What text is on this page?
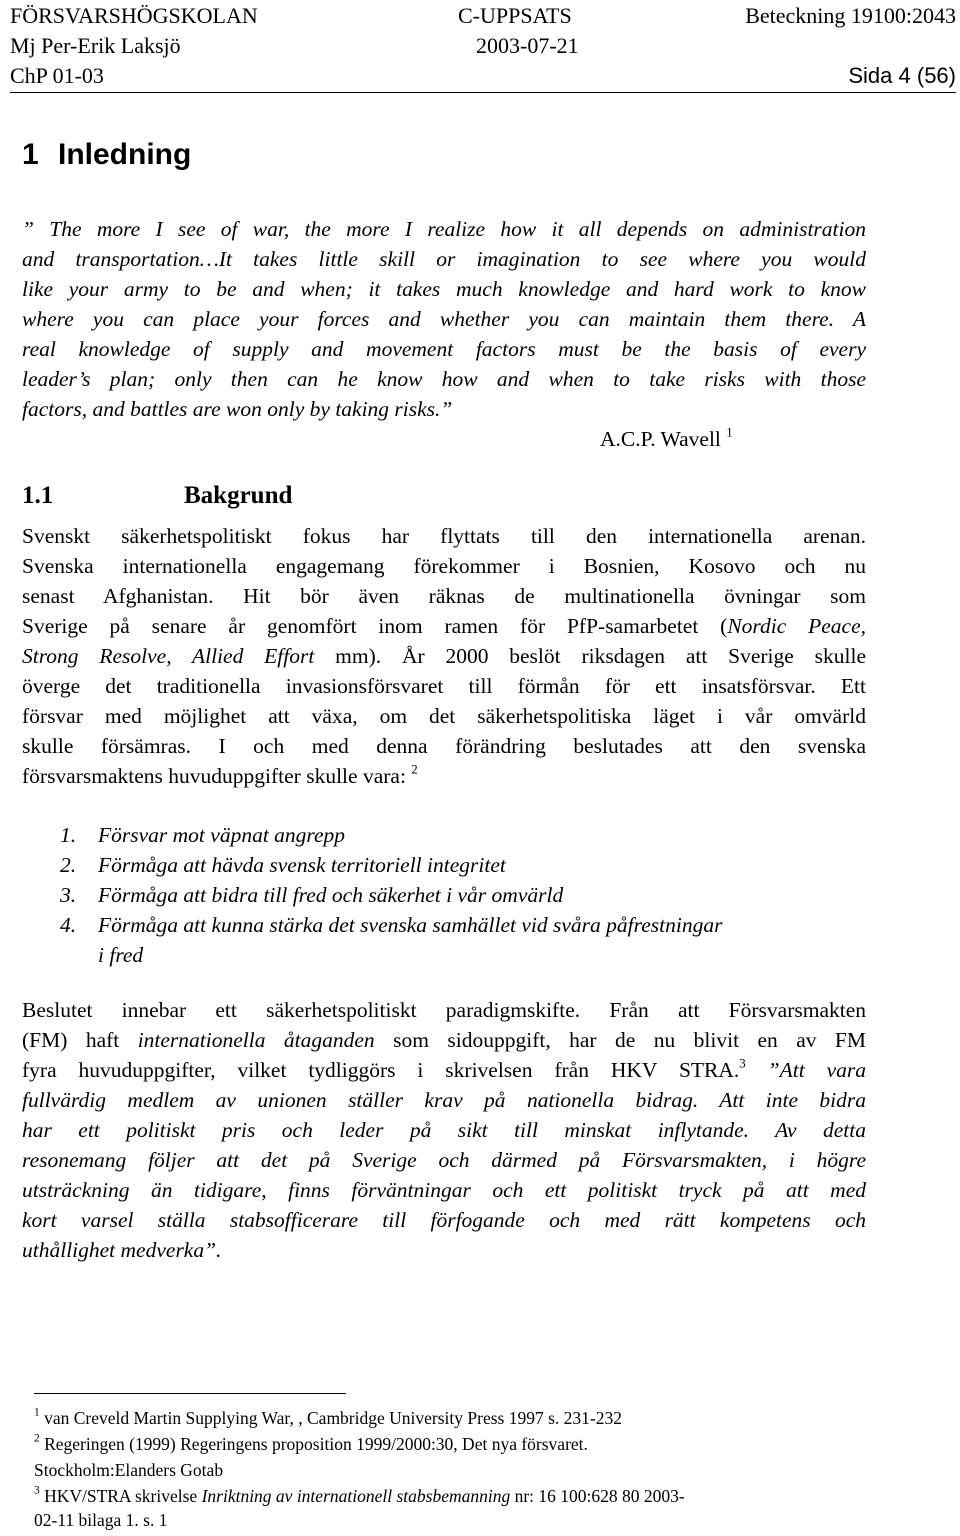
FÖRSVARSHÖGSKOLAN	C-UPPSATS	Beteckning 19100:2043
Mj Per-Erik Laksjö	2003-07-21
ChP 01-03	Sida 4 (56)
1 Inledning
” The more I see of war, the more I realize how it all depends on administration
and transportation…It takes little skill or imagination to see where you would
like your army to be and when; it takes much knowledge and hard work to know
where you can place your forces and whether you can maintain them there. A
real knowledge of supply and movement factors must be the basis of every
leader’s plan; only then can he know how and when to take risks with those
factors, and battles are won only by taking risks.”
A.C.P. Wavell $^1$
1.1	Bakgrund
Svenskt säkerhetspolitiskt fokus har flyttats till den internationella arenan.
Svenska internationella engagemang förekommer i Bosnien, Kosovo och nu
senast Afghanistan. Hit bör även räknas de multinationella övningar som
Sverige på senare år genomfört inom ramen för PfP-samarbetet (Nordic Peace,
Strong Resolve, Allied Effort mm). År 2000 beslöt riksdagen att Sverige skulle
överge det traditionella invasionsförsvaret till förmån för ett insatsförsvar. Ett
försvar med möjlighet att växa, om det säkerhetspolitiska läget i vår omvärld
skulle försämras. I och med denna förändring beslutades att den svenska
försvarsmaktens huvuduppgifter skulle vara: $^2$
1.	Försvar mot väpnat angrepp
2.	Förmåga att hävda svensk territoriell integritet
3.	Förmåga att bidra till fred och säkerhet i vår omvärld
4.	Förmåga att kunna stärka det svenska samhället vid svåra påfrestningar
i fred
Beslutet innebar ett säkerhetspolitiskt paradigmskifte. Från att Försvarsmakten
(FM) haft internationella åtaganden som sidouppgift, har de nu blivit en av FM
fyra huvuduppgifter, vilket tydliggörs i skrivelsen från HKV STRA.$^3$ ”Att vara
fullvärdig medlem av unionen ställer krav på nationella bidrag. Att inte bidra
har ett politiskt pris och leder på sikt till minskat inflytande. Av detta
resonemang följer att det på Sverige och därmed på Försvarsmakten, i högre
utsträckning än tidigare, finns förväntningar och ett politiskt tryck på att med
kort varsel ställa stabsofficerare till förfogande och med rätt kompetens och
uthållighet medverka”.
$^1$ van Creveld Martin Supplying War, , Cambridge University Press 1997 s. 231-232
$^2$ Regeringen (1999) Regeringens proposition 1999/2000:30, Det nya försvaret.
Stockholm:Elanders Gotab
$^3$ HKV/STRA skrivelse Inriktning av internationell stabsbemanning nr: 16 100:628 80 2003-
02-11 bilaga 1. s. 1
